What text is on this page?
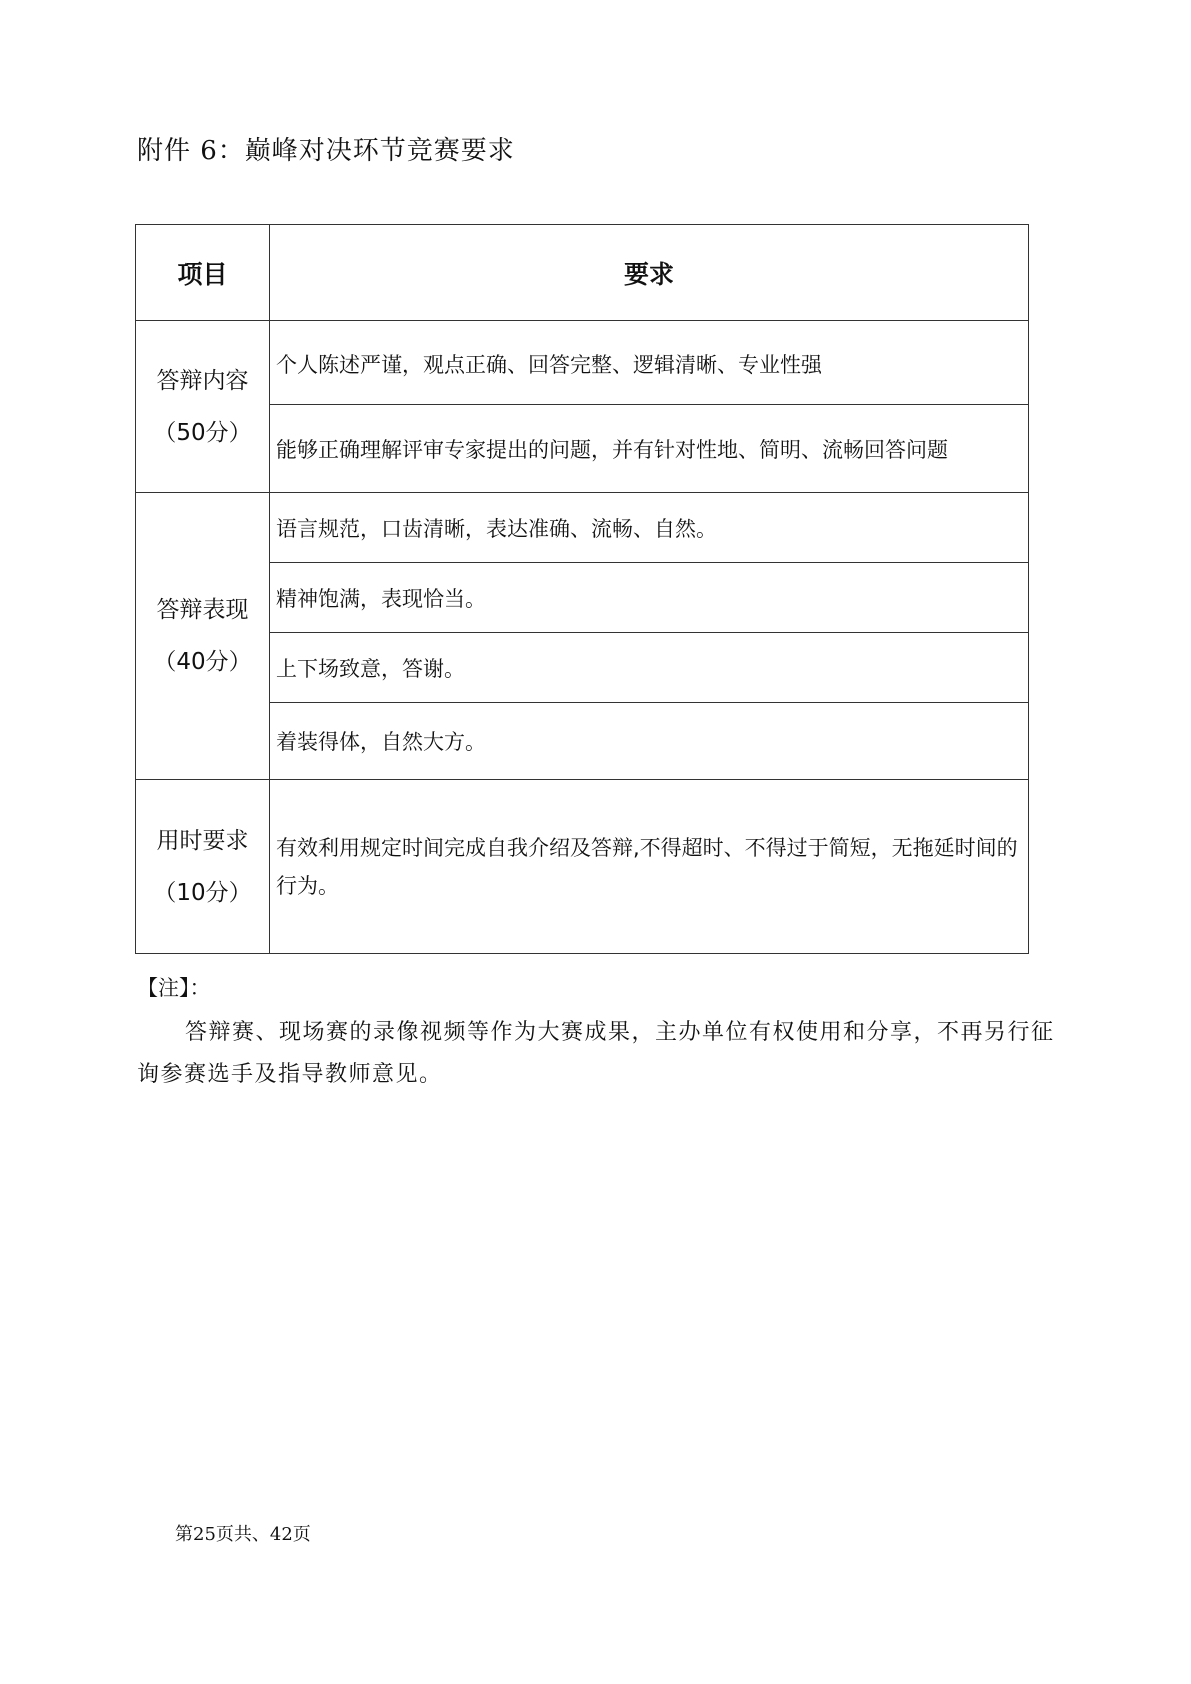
附件 6：巅峰对决环节竞赛要求
项目	要求

答辩内容
（50分）	个人陈述严谨，观点正确、回答完整、逻辑清晰、专业性强

	能够正确理解评审专家提出的问题，并有针对性地、简明、流畅回答问题

答辩表现
（40分）	语言规范，口齿清晰，表达准确、流畅、自然。
	精神饱满，表现恰当。
	上下场致意，答谢。
	着装得体，自然大方。

用时要求
（10分）	有效利用规定时间完成自我介绍及答辩,不得超时、不得过于简短，无拖延时间的行为。
【注】：
答辩赛、现场赛的录像视频等作为大赛成果，主办单位有权使用和分享，不再另行征询参赛选手及指导教师意见。
第25页共、42页
